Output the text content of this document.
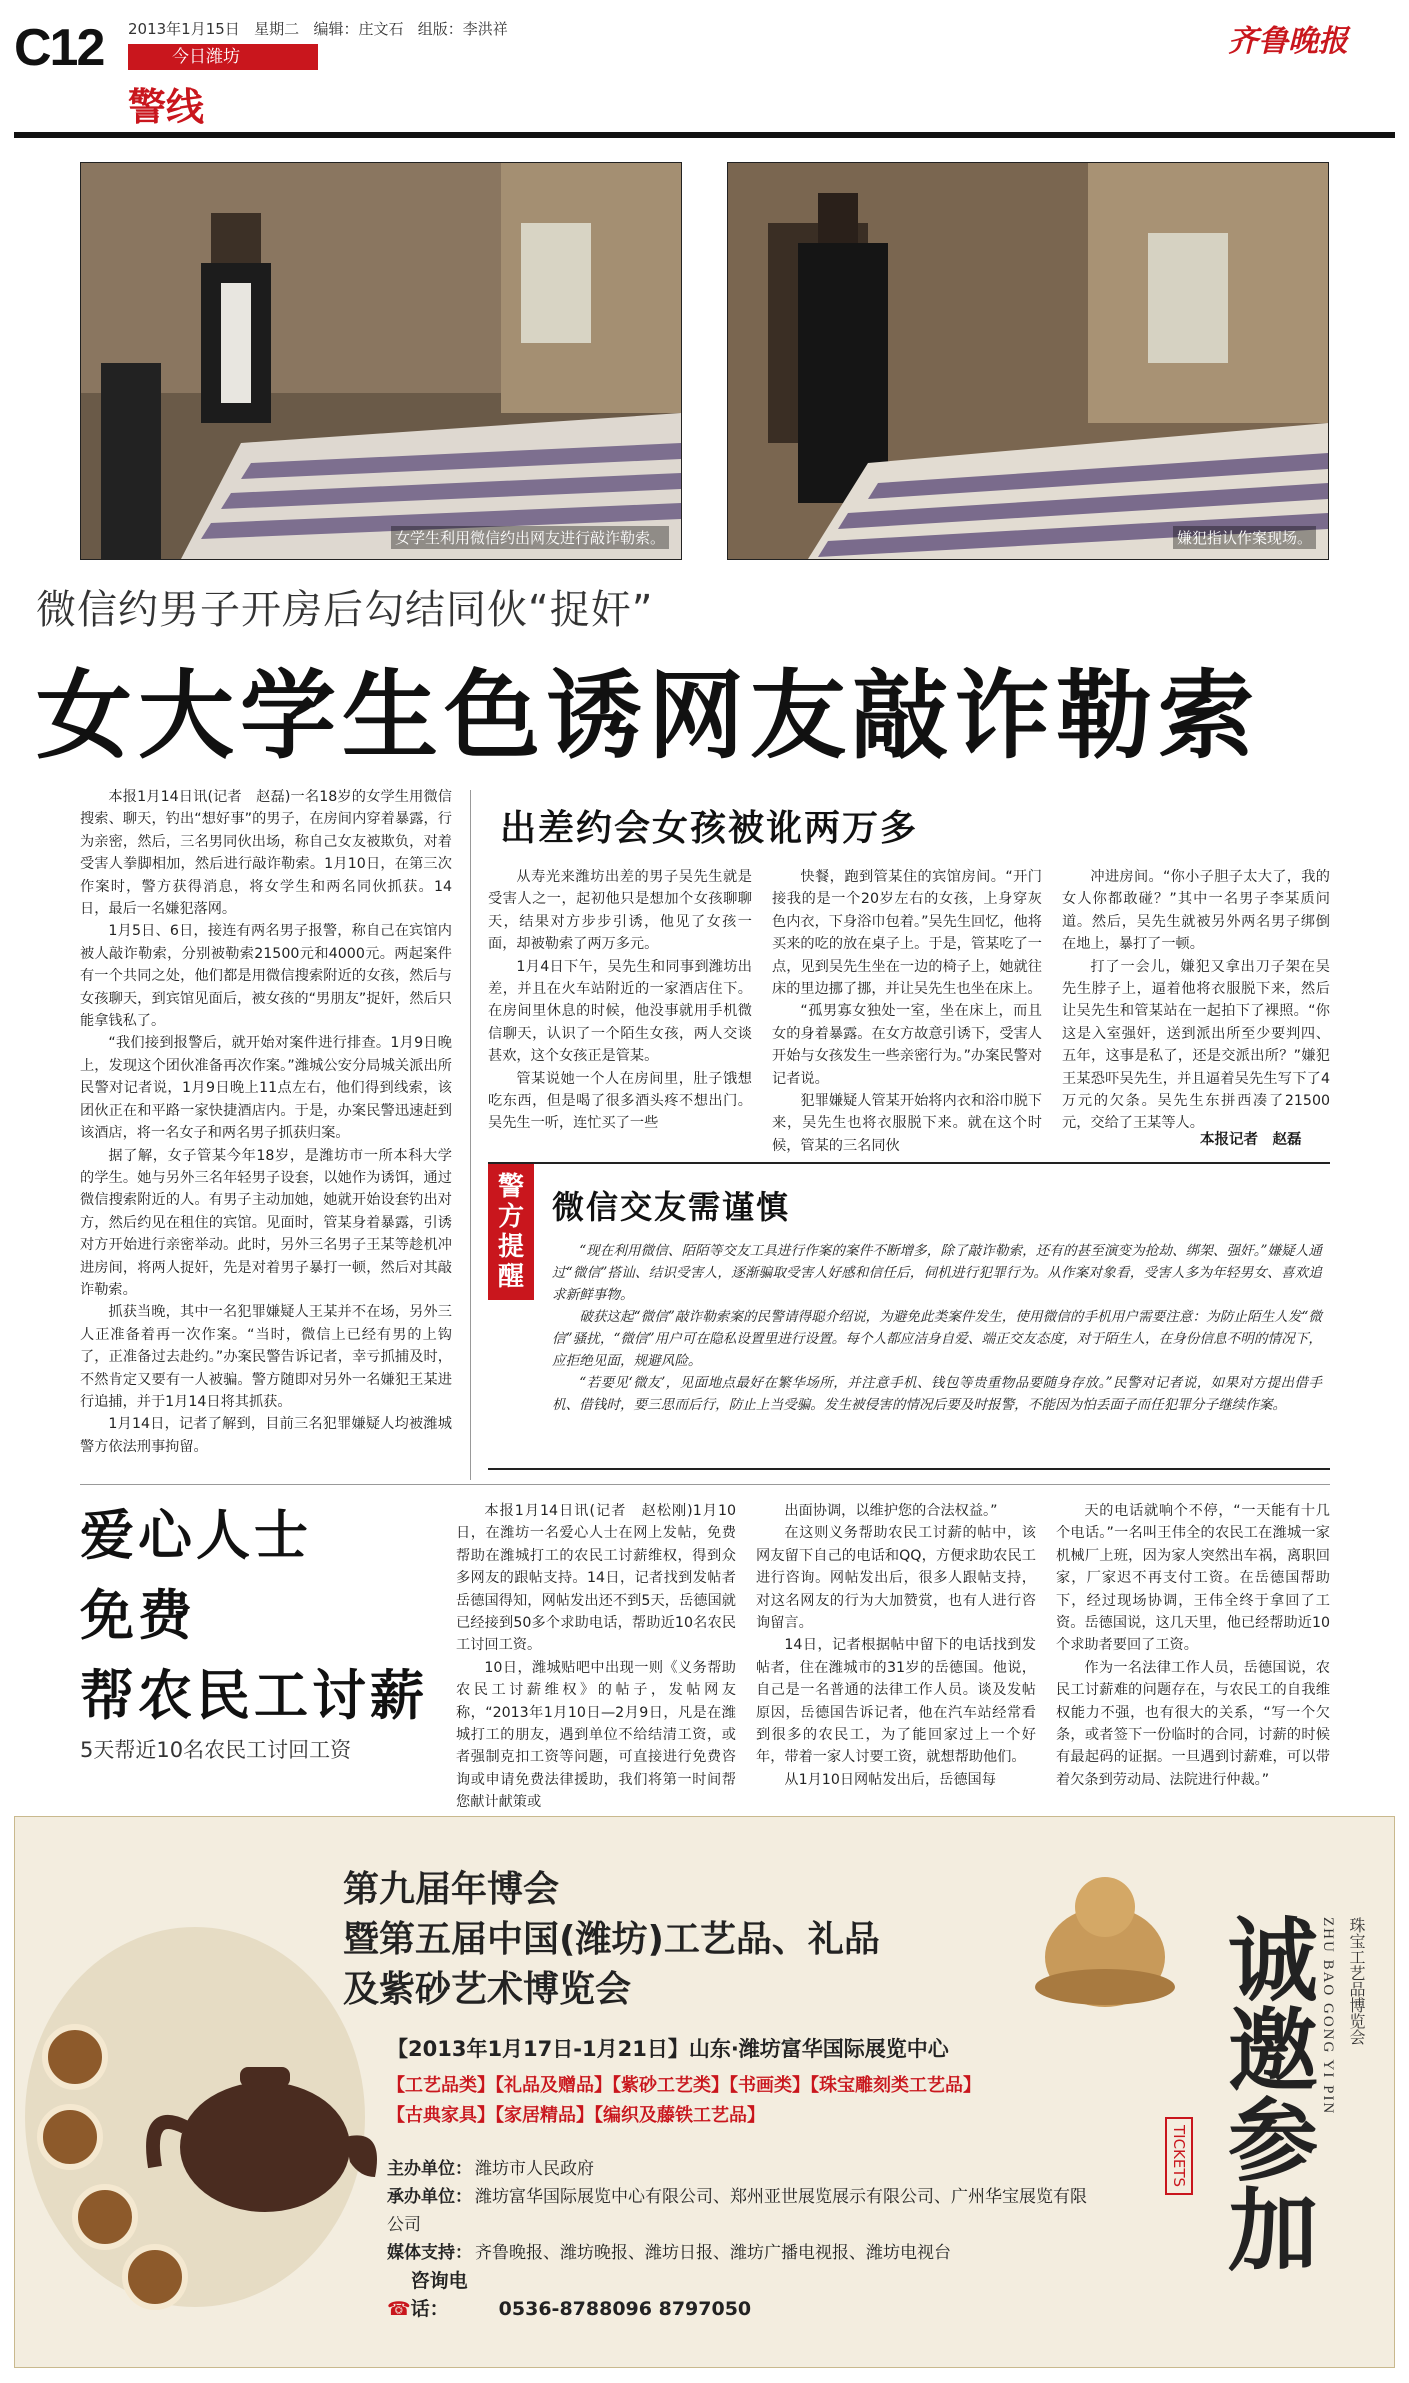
C12 2013年1月15日 星期二 编辑：庄文石 组版：李洪祥
今日潍坊
警线
齐鲁晚报
女学生利用微信约出网友进行敲诈勒索。	嫌犯指认作案现场。
微信约男子开房后勾结同伙“捉奸”
女大学生色诱网友敲诈勒索

本报1月14日讯(记者　赵磊)一名18岁的女学生用微信搜索、聊天，钓出“想好事”的男子，在房间内穿着暴露，行为亲密，然后，三名男同伙出场，称自己女友被欺负，对着受害人拳脚相加，然后进行敲诈勒索。1月10日，在第三次作案时，警方获得消息，将女学生和两名同伙抓获。14日，最后一名嫌犯落网。

1月5日、6日，接连有两名男子报警，称自己在宾馆内被人敲诈勒索，分别被勒索21500元和4000元。两起案件有一个共同之处，他们都是用微信搜索附近的女孩，然后与女孩聊天，到宾馆见面后，被女孩的“男朋友”捉奸，然后只能拿钱私了。

“我们接到报警后，就开始对案件进行排查。1月9日晚上，发现这个团伙准备再次作案。”潍城公安分局城关派出所民警对记者说，1月9日晚上11点左右，他们得到线索，该团伙正在和平路一家快捷酒店内。于是，办案民警迅速赶到该酒店，将一名女子和两名男子抓获归案。

据了解，女子管某今年18岁，是潍坊市一所本科大学的学生。她与另外三名年轻男子设套，以她作为诱饵，通过微信搜索附近的人。有男子主动加她，她就开始设套钓出对方，然后约见在租住的宾馆。见面时，管某身着暴露，引诱对方开始进行亲密举动。此时，另外三名男子王某等趁机冲进房间，将两人捉奸，先是对着男子暴打一顿，然后对其敲诈勒索。

抓获当晚，其中一名犯罪嫌疑人王某并不在场，另外三人正准备着再一次作案。“当时，微信上已经有男的上钩了，正准备过去赴约。”办案民警告诉记者，幸亏抓捕及时，不然肯定又要有一人被骗。警方随即对另外一名嫌犯王某进行追捕，并于1月14日将其抓获。

1月14日，记者了解到，目前三名犯罪嫌疑人均被潍城警方依法刑事拘留。

出差约会女孩被讹两万多

从寿光来潍坊出差的男子吴先生就是受害人之一，起初他只是想加个女孩聊聊天，结果对方步步引诱，他见了女孩一面，却被勒索了两万多元。

1月4日下午，吴先生和同事到潍坊出差，并且在火车站附近的一家酒店住下。在房间里休息的时候，他没事就用手机微信聊天，认识了一个陌生女孩，两人交谈甚欢，这个女孩正是管某。

管某说她一个人在房间里，肚子饿想吃东西，但是喝了很多酒头疼不想出门。吴先生一听，连忙买了一些

快餐，跑到管某住的宾馆房间。“开门接我的是一个20岁左右的女孩，上身穿灰色内衣，下身浴巾包着。”吴先生回忆，他将买来的吃的放在桌子上。于是，管某吃了一点，见到吴先生坐在一边的椅子上，她就往床的里边挪了挪，并让吴先生也坐在床上。

“孤男寡女独处一室，坐在床上，而且女的身着暴露。在女方故意引诱下，受害人开始与女孩发生一些亲密行为。”办案民警对记者说。

犯罪嫌疑人管某开始将内衣和浴巾脱下来，吴先生也将衣服脱下来。就在这个时候，管某的三名同伙

冲进房间。“你小子胆子太大了，我的女人你都敢碰？”其中一名男子李某质问道。然后，吴先生就被另外两名男子绑倒在地上，暴打了一顿。

打了一会儿，嫌犯又拿出刀子架在吴先生脖子上，逼着他将衣服脱下来，然后让吴先生和管某站在一起拍下了裸照。“你这是入室强奸，送到派出所至少要判四、五年，这事是私了，还是交派出所？”嫌犯王某恐吓吴先生，并且逼着吴先生写下了4万元的欠条。吴先生东拼西凑了21500元，交给了王某等人。

本报记者　赵磊
警方提醒
微信交友需谨慎

“现在利用微信、陌陌等交友工具进行作案的案件不断增多，除了敲诈勒索，还有的甚至演变为抢劫、绑架、强奸。”嫌疑人通过“微信”搭讪、结识受害人，逐渐骗取受害人好感和信任后，伺机进行犯罪行为。从作案对象看，受害人多为年轻男女、喜欢追求新鲜事物。

破获这起“微信”敲诈勒索案的民警请得聪介绍说，为避免此类案件发生，使用微信的手机用户需要注意：为防止陌生人发“微信”骚扰，“微信”用户可在隐私设置里进行设置。每个人都应洁身自爱、端正交友态度，对于陌生人，在身份信息不明的情况下，应拒绝见面，规避风险。

“若要见‘微友’，见面地点最好在繁华场所，并注意手机、钱包等贵重物品要随身存放。”民警对记者说，如果对方提出借手机、借钱时，要三思而后行，防止上当受骗。发生被侵害的情况后要及时报警，不能因为怕丢面子而任犯罪分子继续作案。

爱心人士
免费
帮农民工讨薪
5天帮近10名农民工讨回工资

本报1月14日讯(记者　赵松刚)1月10日，在潍坊一名爱心人士在网上发帖，免费帮助在潍城打工的农民工讨薪维权，得到众多网友的跟帖支持。14日，记者找到发帖者岳德国得知，网帖发出还不到5天，岳德国就已经接到50多个求助电话，帮助近10名农民工讨回工资。

10日，潍城贴吧中出现一则《义务帮助农民工讨薪维权》的帖子，发帖网友称，“2013年1月10日—2月9日，凡是在潍城打工的朋友，遇到单位不给结清工资，或者强制克扣工资等问题，可直接进行免费咨询或申请免费法律援助，我们将第一时间帮您献计献策或

出面协调，以维护您的合法权益。”

在这则义务帮助农民工讨薪的帖中，该网友留下自己的电话和QQ，方便求助农民工进行咨询。网帖发出后，很多人跟帖支持，对这名网友的行为大加赞赏，也有人进行咨询留言。

14日，记者根据帖中留下的电话找到发帖者，住在潍城市的31岁的岳德国。他说，自己是一名普通的法律工作人员。谈及发帖原因，岳德国告诉记者，他在汽车站经常看到很多的农民工，为了能回家过上一个好年，带着一家人讨要工资，就想帮助他们。

从1月10日网帖发出后，岳德国每

天的电话就响个不停，“一天能有十几个电话。”一名叫王伟全的农民工在潍城一家机械厂上班，因为家人突然出车祸，离职回家，厂家迟不再支付工资。在岳德国帮助下，经过现场协调，王伟全终于拿回了工资。岳德国说，这几天里，他已经帮助近10个求助者要回了工资。

作为一名法律工作人员，岳德国说，农民工讨薪难的问题存在，与农民工的自我维权能力不强，也有很大的关系，“写一个欠条，或者签下一份临时的合同，讨薪的时候有最起码的证据。一旦遇到讨薪难，可以带着欠条到劳动局、法院进行仲裁。”

第九届年博会
暨第五届中国(潍坊)工艺品、礼品
及紫砂艺术博览会
【2013年1月17日-1月21日】山东·潍坊富华国际展览中心
【工艺品类】【礼品及赠品】【紫砂工艺类】【书画类】【珠宝雕刻类工艺品】
【古典家具】【家居精品】【编织及藤铁工艺品】
主办单位： 潍坊市人民政府
承办单位： 潍坊富华国际展览中心有限公司、郑州亚世展览展示有限公司、广州华宝展览有限公司
媒体支持： 齐鲁晚报、潍坊晚报、潍坊日报、潍坊广播电视报、潍坊电视台
☎咨询电话：	0536-8788096 8797050
诚邀参加
TICKETS
ZHU BAO GONG YI PIN 珠宝工艺品博览会
